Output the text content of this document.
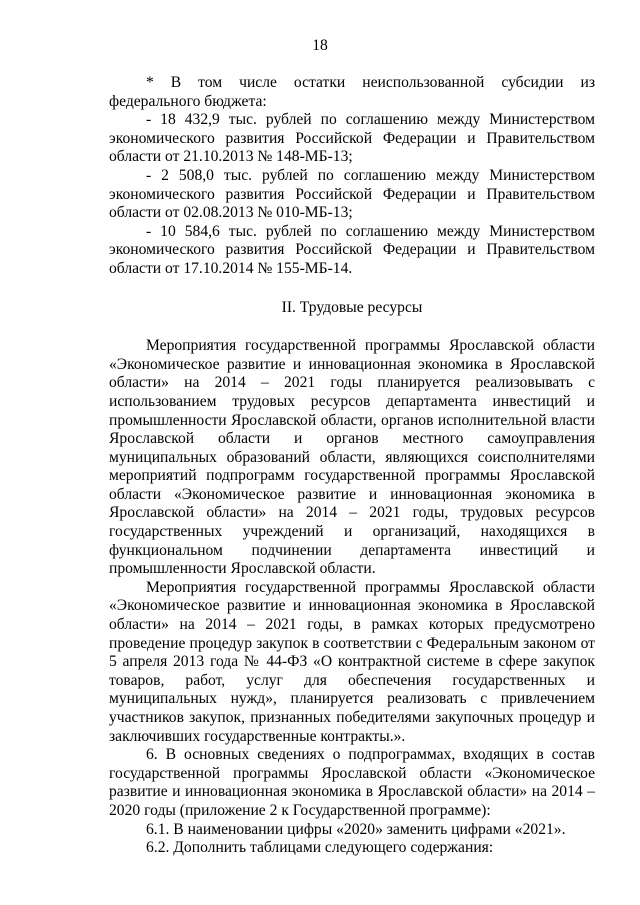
18

* В том числе остатки неиспользованной субсидии из федерального бюджета:

- 18 432,9 тыс. рублей по соглашению между Министерством экономического развития Российской Федерации и Правительством области от 21.10.2013 № 148-МБ-13;

- 2 508,0 тыс. рублей по соглашению между Министерством экономического развития Российской Федерации и Правительством области от 02.08.2013 № 010-МБ-13;

- 10 584,6 тыс. рублей по соглашению между Министерством экономического развития Российской Федерации и Правительством области от 17.10.2014 № 155-МБ-14.

II. Трудовые ресурсы

Мероприятия государственной программы Ярославской области «Экономическое развитие и инновационная экономика в Ярославской области» на 2014 – 2021 годы планируется реализовывать с использованием трудовых ресурсов департамента инвестиций и промышленности Ярославской области, органов исполнительной власти Ярославской области и органов местного самоуправления муниципальных образований области, являющихся соисполнителями мероприятий подпрограмм государственной программы Ярославской области «Экономическое развитие и инновационная экономика в Ярославской области» на 2014 – 2021 годы, трудовых ресурсов государственных учреждений и организаций, находящихся в функциональном подчинении департамента инвестиций и промышленности Ярославской области.

Мероприятия государственной программы Ярославской области «Экономическое развитие и инновационная экономика в Ярославской области» на 2014 – 2021 годы, в рамках которых предусмотрено проведение процедур закупок в соответствии с Федеральным законом от 5 апреля 2013 года № 44-ФЗ «О контрактной системе в сфере закупок товаров, работ, услуг для обеспечения государственных и муниципальных нужд», планируется реализовать с привлечением участников закупок, признанных победителями закупочных процедур и заключивших государственные контракты.».

6. В основных сведениях о подпрограммах, входящих в состав государственной программы Ярославской области «Экономическое развитие и инновационная экономика в Ярославской области» на 2014 – 2020 годы (приложение 2 к Государственной программе):

6.1. В наименовании цифры «2020» заменить цифрами «2021».

6.2. Дополнить таблицами следующего содержания:
